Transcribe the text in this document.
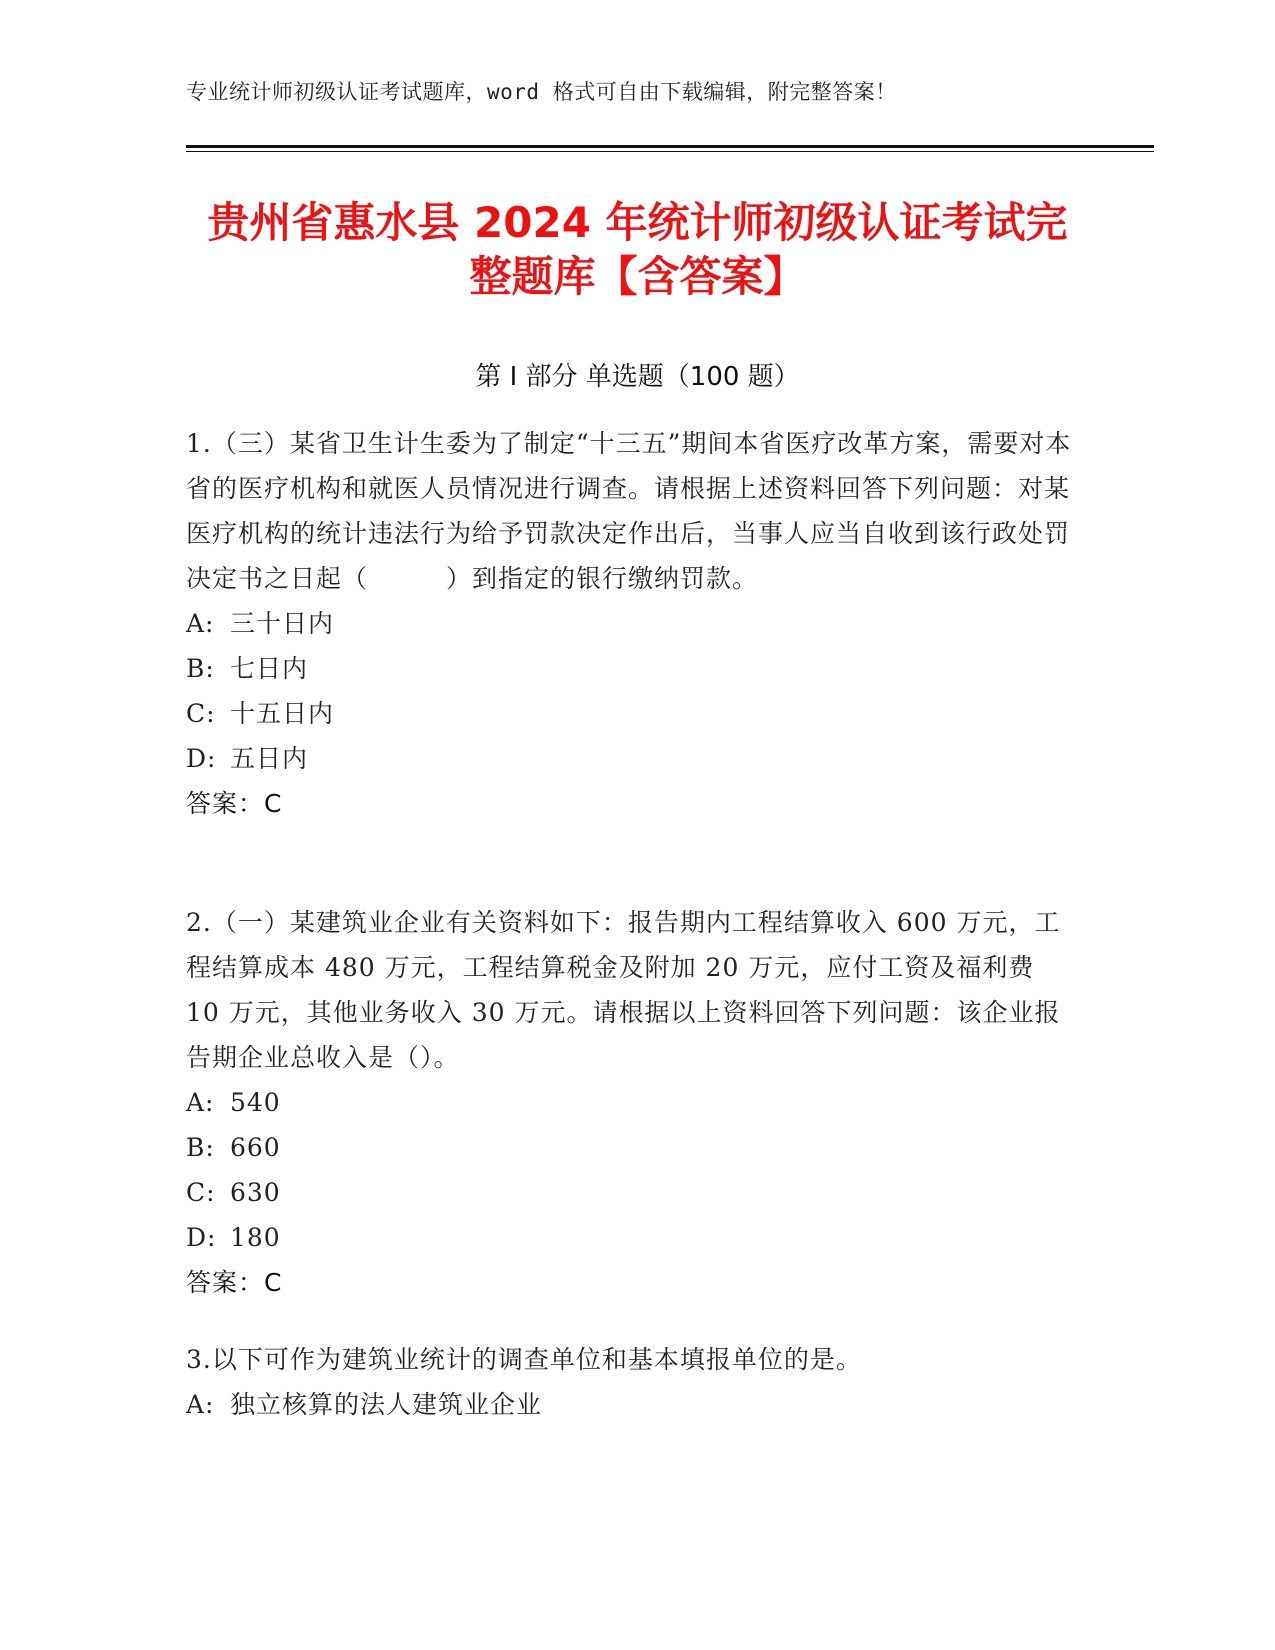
专业统计师初级认证考试题库，word 格式可自由下载编辑，附完整答案！
贵州省惠水县 2024 年统计师初级认证考试完
整题库【含答案】
第 I 部分 单选题（100 题）

1.（三）某省卫生计生委为了制定“十三五”期间本省医疗改革方案，需要对本省的医疗机构和就医人员情况进行调查。请根据上述资料回答下列问题：对某医疗机构的统计违法行为给予罚款决定作出后，当事人应当自收到该行政处罚决定书之日起（　　　）到指定的银行缴纳罚款。

A: 三十日内

B: 七日内

C: 十五日内

D: 五日内

答案：C

2.（一）某建筑业企业有关资料如下：报告期内工程结算收入 600 万元，工程结算成本 480 万元，工程结算税金及附加 20 万元，应付工资及福利费 10 万元，其他业务收入 30 万元。请根据以上资料回答下列问题：该企业报告期企业总收入是（）。

A: 540

B: 660

C: 630

D: 180

答案：C

3.以下可作为建筑业统计的调查单位和基本填报单位的是。

A: 独立核算的法人建筑业企业
